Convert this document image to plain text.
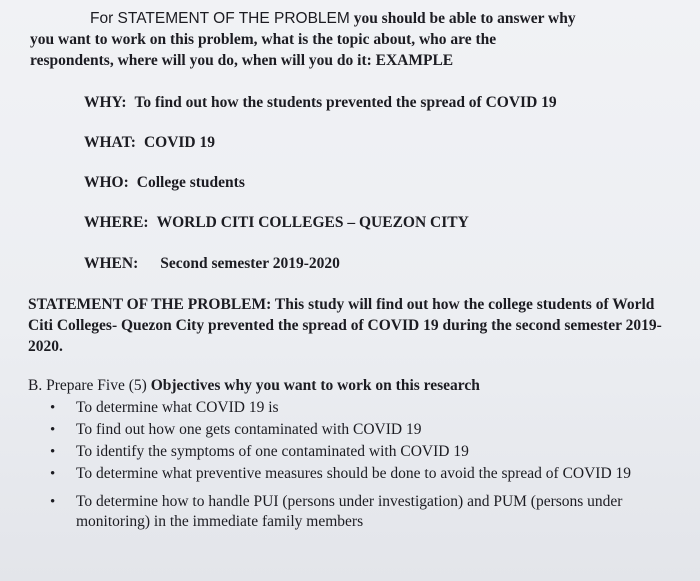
For STATEMENT OF THE PROBLEM you should be able to answer why
you want to work on this problem, what is the topic about, who are the
respondents, where will you do, when will you do it: EXAMPLE
WHY: To find out how the students prevented the spread of COVID 19
WHAT: COVID 19
WHO: College students
WHERE: WORLD CITI COLLEGES – QUEZON CITY
WHEN: Second semester 2019-2020
STATEMENT OF THE PROBLEM: This study will find out how the college students of World Citi Colleges- Quezon City prevented the spread of COVID 19 during the second semester 2019-2020.
B. Prepare Five (5) Objectives why you want to work on this research
• To determine what COVID 19 is
• To find out how one gets contaminated with COVID 19
• To identify the symptoms of one contaminated with COVID 19
• To determine what preventive measures should be done to avoid the spread of COVID 19
• To determine how to handle PUI (persons under investigation) and PUM (persons under monitoring) in the immediate family members
